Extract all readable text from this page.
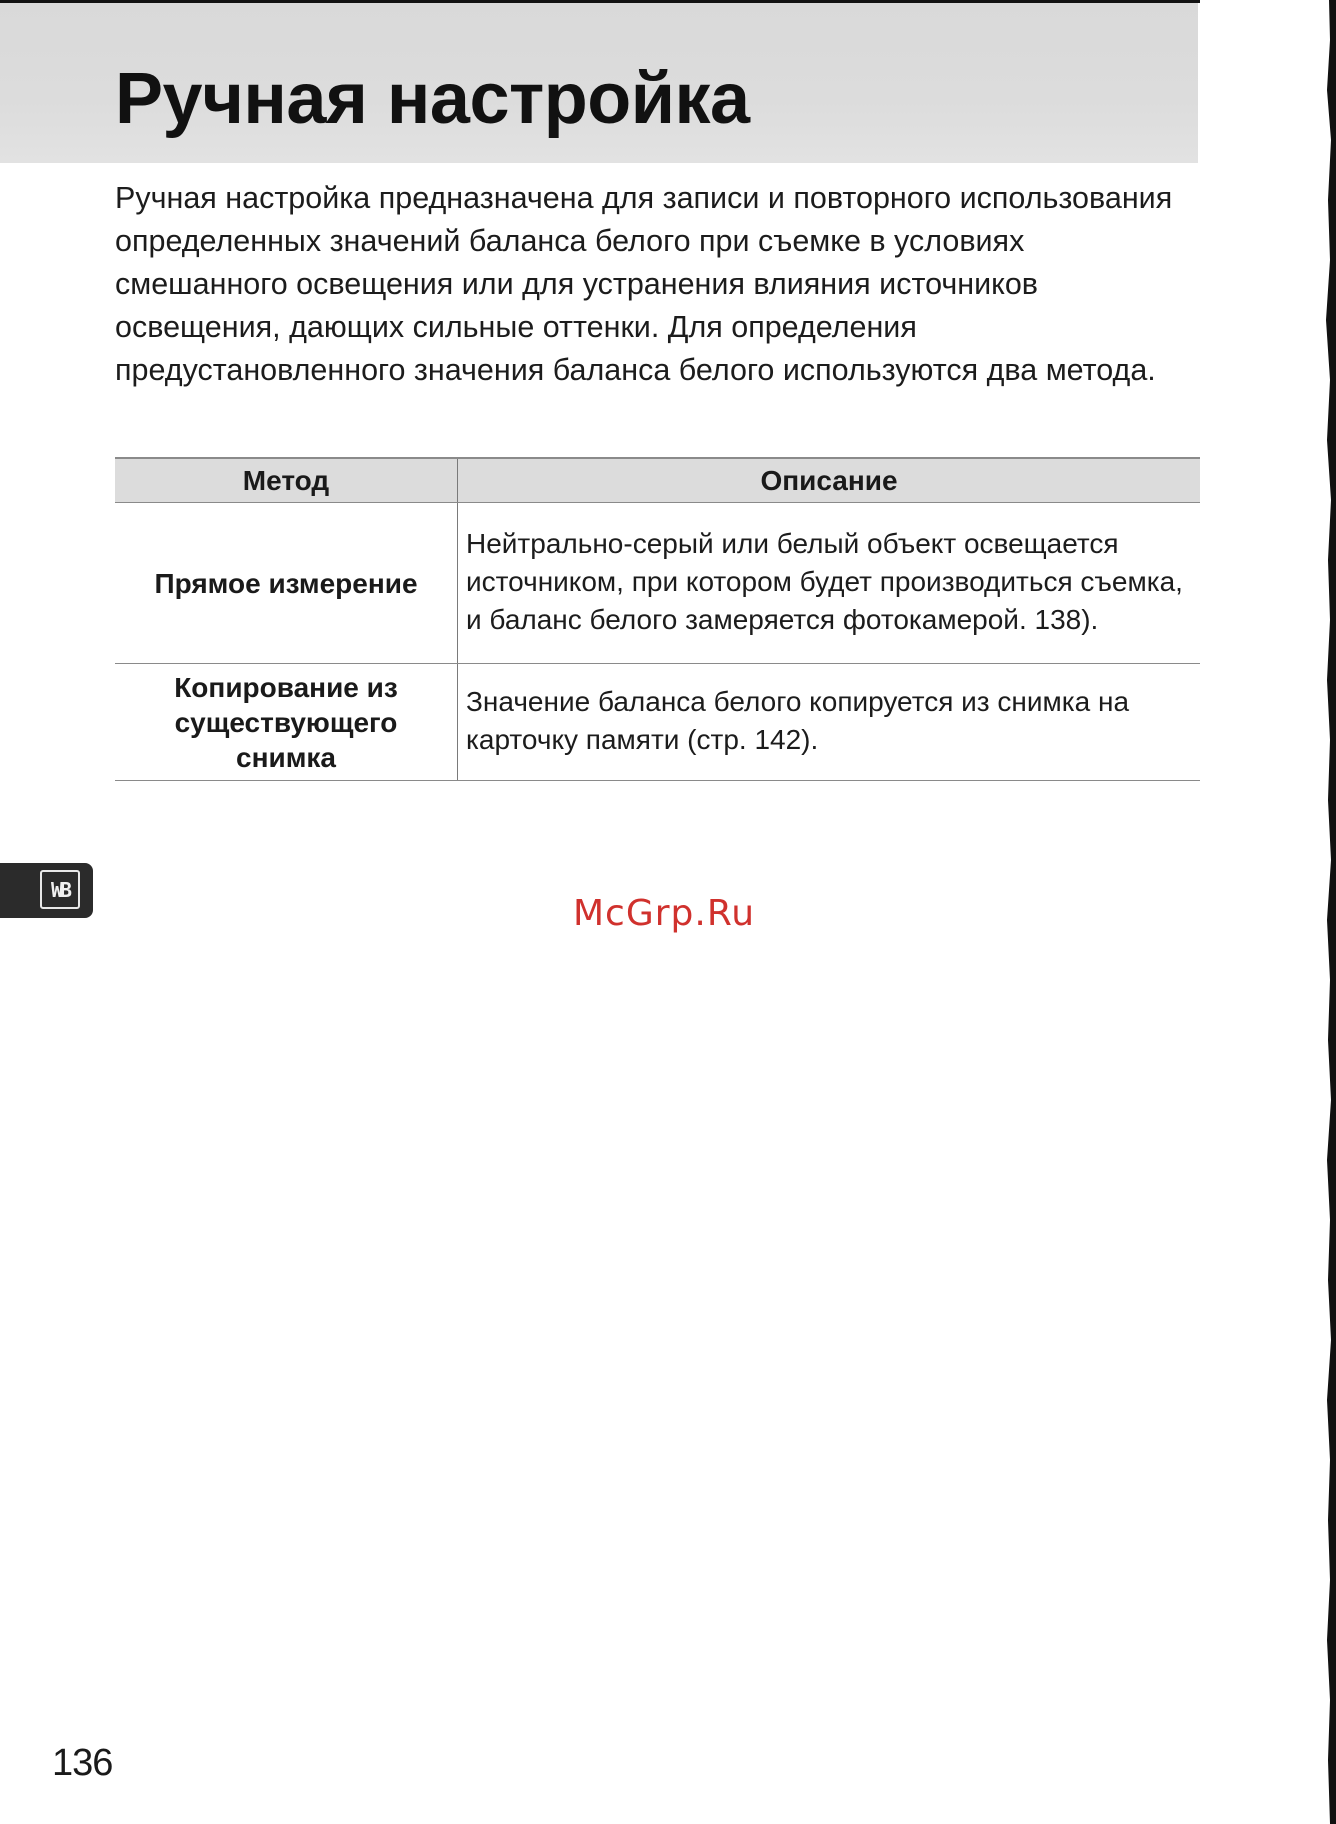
Ручная настройка

Ручная настройка предназначена для записи и повторного использования определенных значений баланса белого при съемке в условиях смешанного освещения или для устранения влияния источников освещения, дающих сильные оттенки. Для определения предустановленного значения баланса белого используются два метода.

Метод	Описание
Прямое измерение	Нейтрально-серый или белый объект освещается источником, при котором будет производиться съемка, и баланс белого замеряется фотокамерой. 138).
Копирование из существующего снимка	Значение баланса белого копируется из снимка на карточку памяти (стр. 142).
WB
McGrp.Ru
136
